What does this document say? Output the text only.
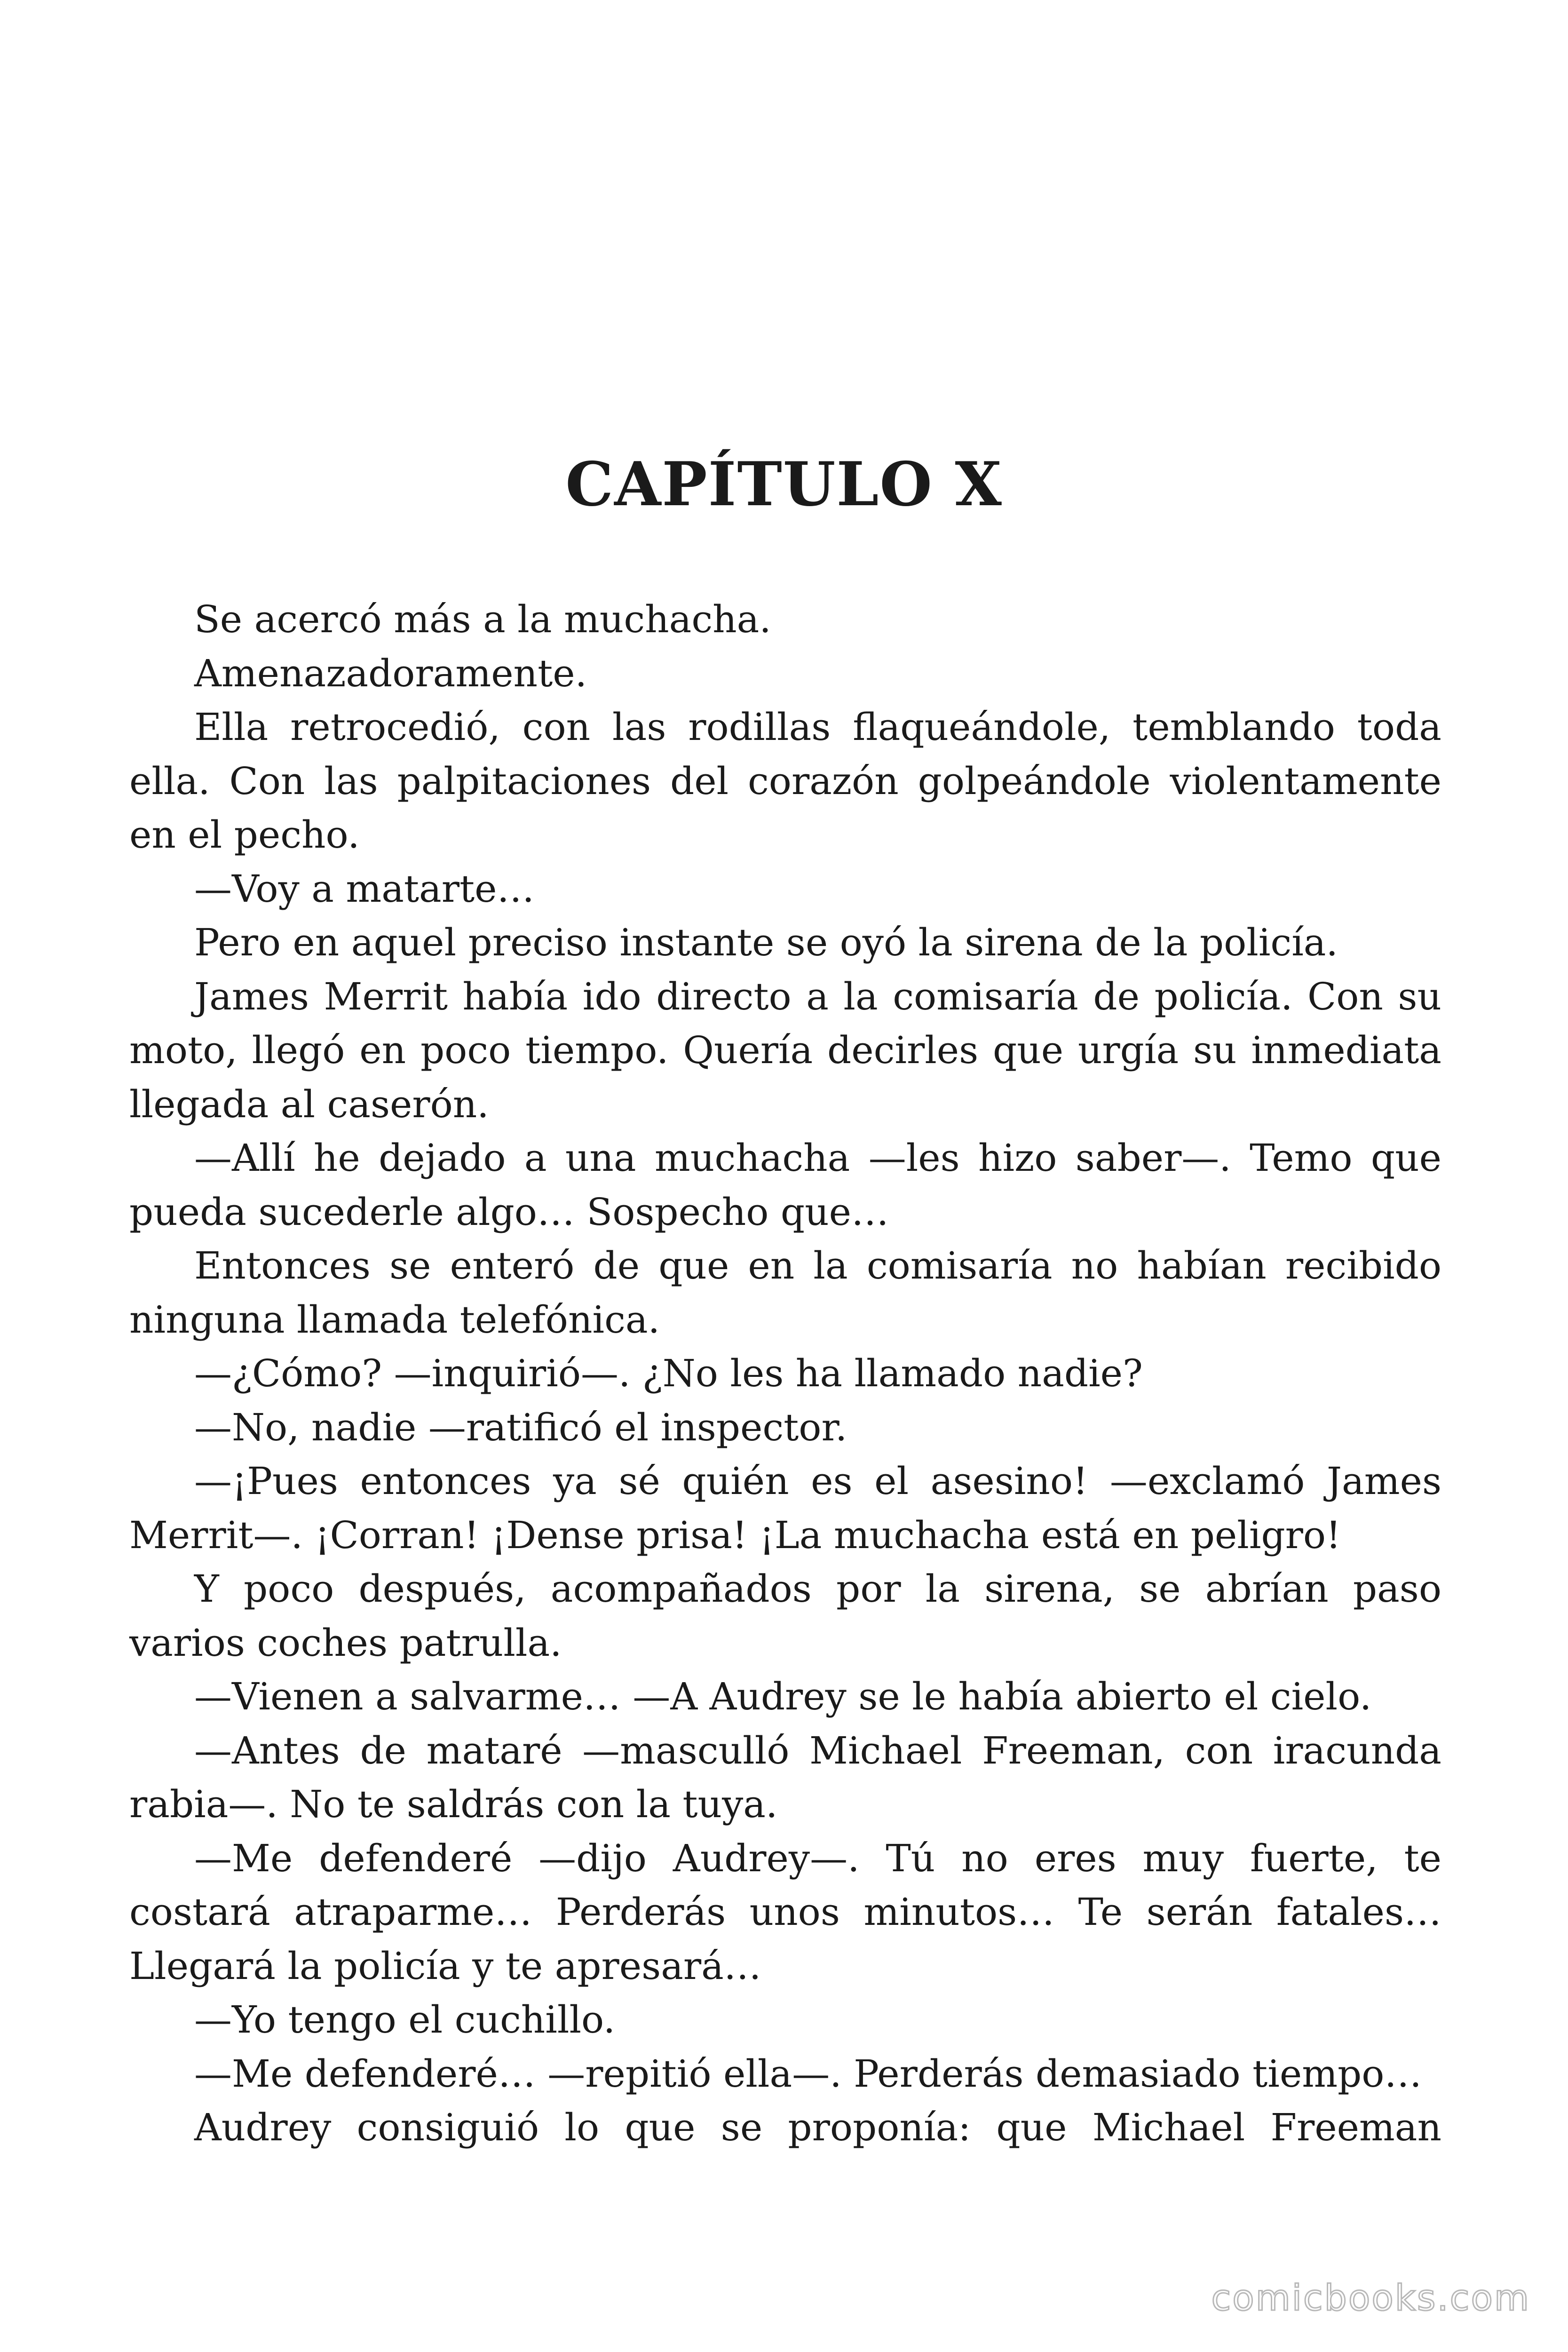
CAPÍTULO X

Se acercó más a la muchacha.

Amenazadoramente.

Ella retrocedió, con las rodillas flaqueándole, temblando toda ella. Con las palpitaciones del corazón golpeándole violentamente en el pecho.

—Voy a matarte…

Pero en aquel preciso instante se oyó la sirena de la policía.

James Merrit había ido directo a la comisaría de policía. Con su moto, llegó en poco tiempo. Quería decirles que urgía su inmediata llegada al caserón.

—Allí he dejado a una muchacha —les hizo saber—. Temo que pueda sucederle algo… Sospecho que…

Entonces se enteró de que en la comisaría no habían recibido ninguna llamada telefónica.

—¿Cómo? —inquirió—. ¿No les ha llamado nadie?

—No, nadie —ratificó el inspector.

—¡Pues entonces ya sé quién es el asesino! —exclamó James Merrit—. ¡Corran! ¡Dense prisa! ¡La muchacha está en peligro!

Y poco después, acompañados por la sirena, se abrían paso varios coches patrulla.

—Vienen a salvarme… —A Audrey se le había abierto el cielo.

—Antes de mataré —masculló Michael Freeman, con iracunda rabia—. No te saldrás con la tuya.

—Me defenderé —dijo Audrey—. Tú no eres muy fuerte, te costará atraparme… Perderás unos minutos… Te serán fatales… Llegará la policía y te apresará…

—Yo tengo el cuchillo.

—Me defenderé… —repitió ella—. Perderás demasiado tiempo…

Audrey consiguió lo que se proponía: que Michael Freeman

comicbooks.com
